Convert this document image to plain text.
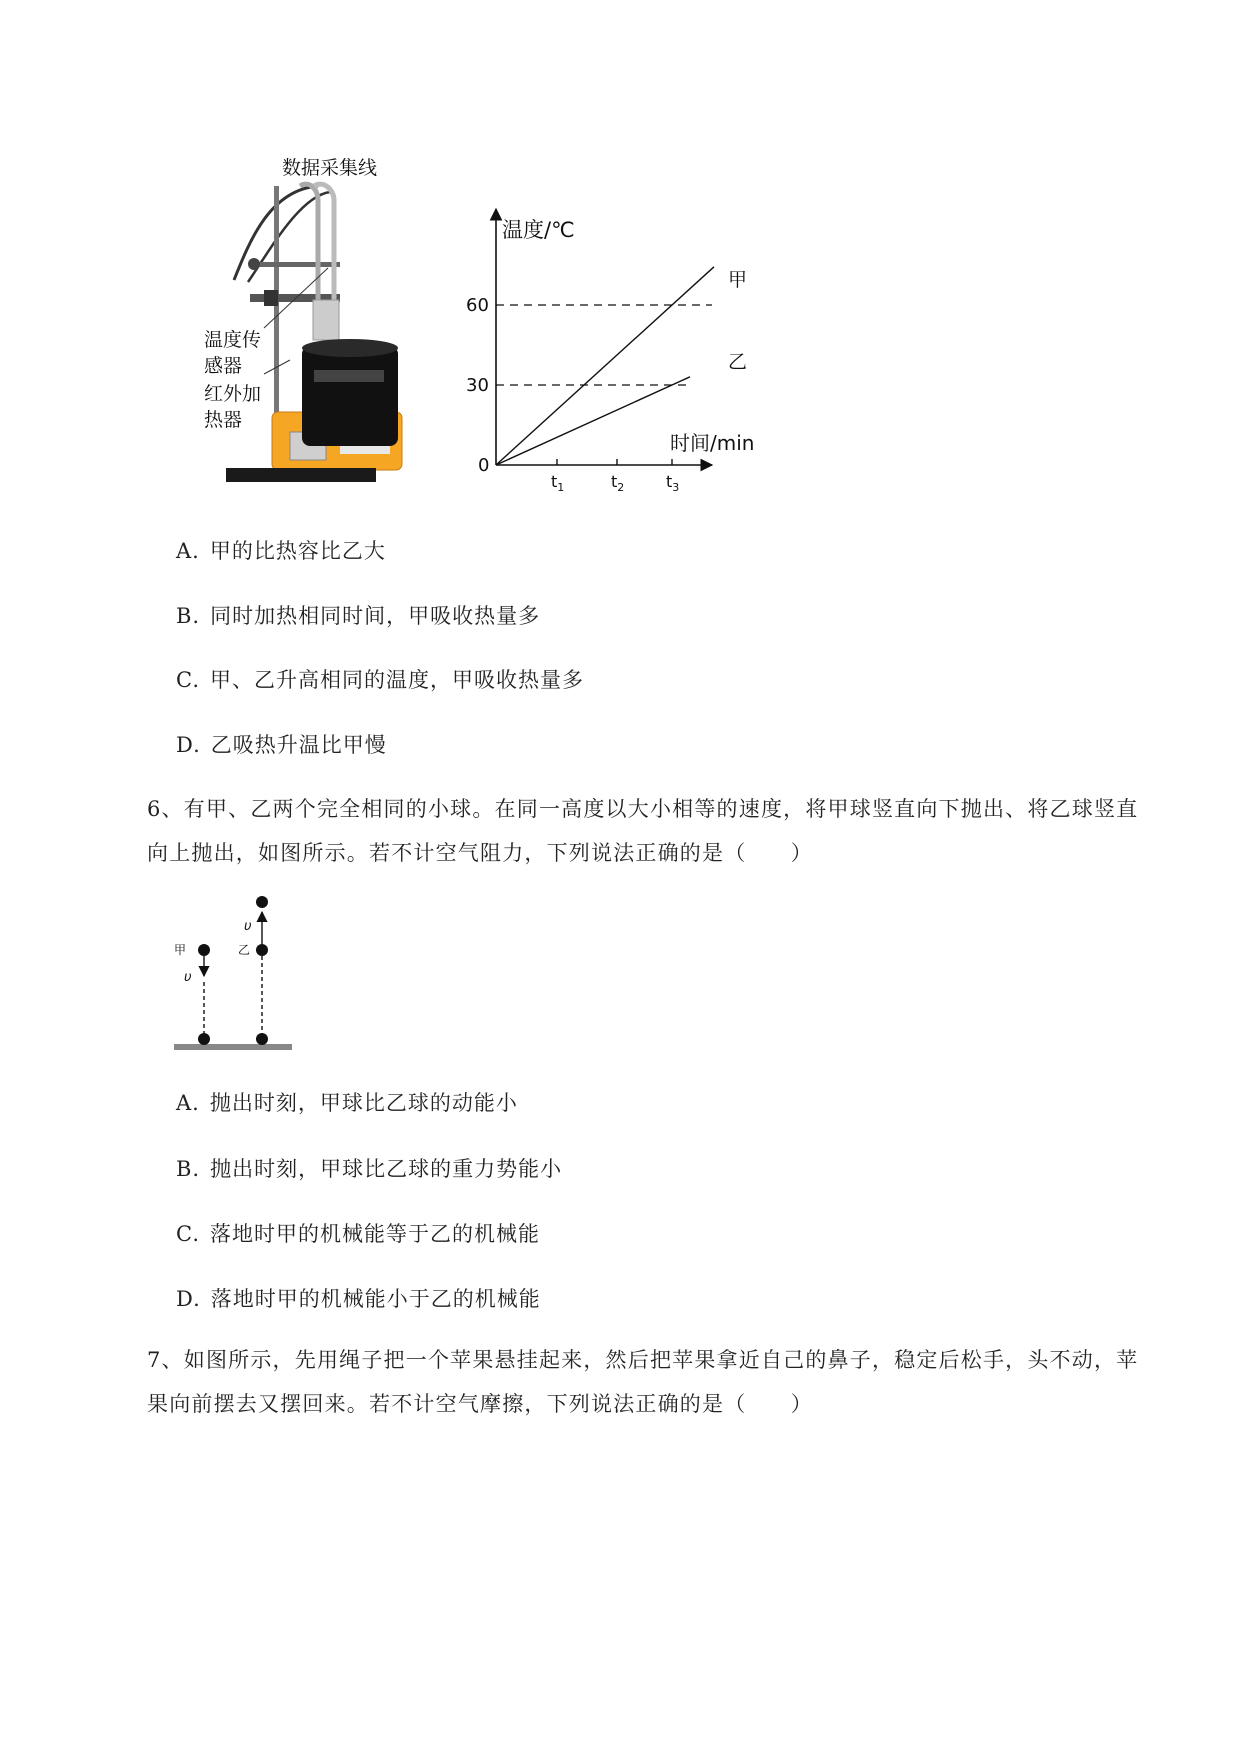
数据采集线
温度传
感器
红外加
热器
$t_1$	$t_2$	$t_3$
温度/℃
时间/min
0
30
60
甲
乙
A. 甲的比热容比乙大
B. 同时加热相同时间，甲吸收热量多
C. 甲、乙升高相同的温度，甲吸收热量多
D. 乙吸热升温比甲慢
6、有甲、乙两个完全相同的小球。在同一高度以大小相等的速度，将甲球竖直向下抛出、将乙球竖直
向上抛出，如图所示。若不计空气阻力，下列说法正确的是（　　）
甲
υ
υ
乙
A. 抛出时刻，甲球比乙球的动能小
B. 抛出时刻，甲球比乙球的重力势能小
C. 落地时甲的机械能等于乙的机械能
D. 落地时甲的机械能小于乙的机械能
7、如图所示，先用绳子把一个苹果悬挂起来，然后把苹果拿近自己的鼻子，稳定后松手，头不动，苹
果向前摆去又摆回来。若不计空气摩擦，下列说法正确的是（　　）
